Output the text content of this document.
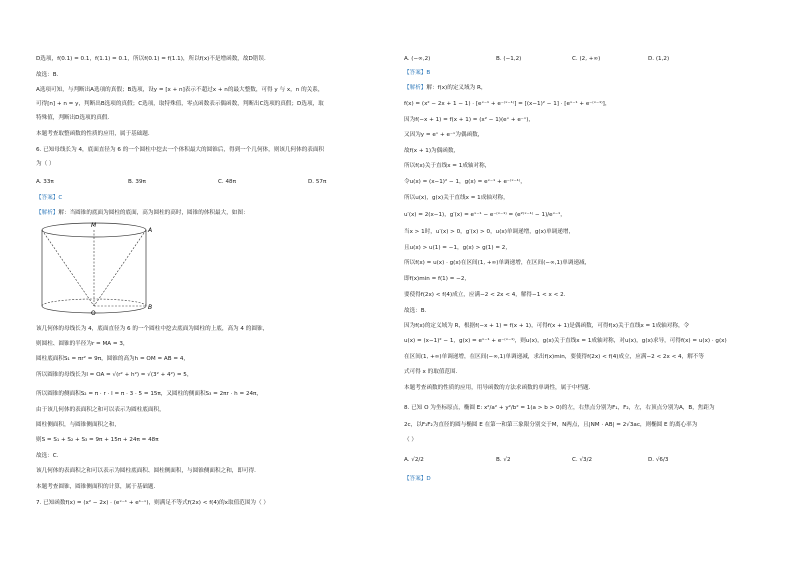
D选项，f(0.1) = 0.1，f(1.1) = 0.1，所以f(0.1) = f(1.1)，所以f(x)不是增函数，故D错误．
故选：B.
A选项可知，与判断出A选项的真假；B选项，设y = [x + n]表示不超过x + n的最大整数，可得 y 与 x，n 的关系，
可得[n] + n = y，判断出B选项的真假；C选项，取特殊值，零点函数表示偶函数，判断出C选项的真假；D选项，取
特殊值，判断出D选项的真假．
本题考查取整函数的性质的应用，属于基础题．
6. 已知母线长为 4，底面直径为 6 的一个圆柱中挖去一个体积最大的圆锥后，得到一个几何体，则该几何体的表面积
为（ ）
A. 33π	B. 39π	C. 48π	D. 57π
【答案】C
【解析】解：当圆锥的底面为圆柱的底面，高为圆柱的高时，圆锥的体积最大，如图：
M
A
O
B
该几何体的母线长为 4，底面直径为 6 的一个圆柱中挖去底面为圆柱的上底，高为 4 的圆锥，
则圆柱、圆锥的半径为r = MA = 3，
圆柱底面积S₁ = πr² = 9π，圆锥的高为h = OM = AB = 4，
所以圆锥的母线长为l = OA = √(r² + h²) = √(3² + 4²) = 5，
所以圆锥的侧面积S₂ = π · r · l = π · 3 · 5 = 15π，又圆柱的侧面积S₃ = 2πr · h = 24π，
由于该几何体的表面积之和可以表示为圆柱底面积，
圆柱侧面积，与圆锥侧面积之和，
则S = S₁ + S₂ + S₃ = 9π + 15π + 24π = 48π
故选：C.
该几何体的表面积之和可以表示为圆柱底面积、圆柱侧面积，与圆锥侧面积之和，即可得．
本题考查圆锥，圆锥侧面积的计算，属于基础题．
7. 已知函数f(x) = (x² − 2x) · (eˣ⁻¹ + e¹⁻ˣ)，则满足不等式f(2x) < f(4)的x取值范围为（ ）
A. (−∞,2)	B. (−1,2)	C. (2, +∞)	D. (1,2)
【答案】B
【解析】解：f(x)的定义域为 R，
f(x) = (x² − 2x + 1 − 1) · [eˣ⁻¹ + e⁻⁽ˣ⁻¹⁾] = [(x−1)² − 1] · [eˣ⁻¹ + e⁻⁽ˣ⁻¹⁾]，
因为f(−x + 1) = f(x + 1) = (x² − 1)(eˣ + e⁻ˣ)，
又因为y = eˣ + e⁻ˣ为偶函数，
故f(x + 1)为偶函数，
所以f(x)关于直线x = 1成轴对称，
令u(x) = (x−1)² − 1，g(x) = eˣ⁻¹ + e⁻⁽ˣ⁻¹⁾，
所以u(x)，g(x)关于直线x = 1成轴对称，
u′(x) = 2(x−1)，g′(x) = eˣ⁻¹ − e⁻⁽ˣ⁻¹⁾ = (e²⁽ˣ⁻¹⁾ − 1)/eˣ⁻¹，
当x > 1时，u′(x) > 0，g′(x) > 0，u(x)单调递增，g(x)单调递增，
且u(x) > u(1) = −1，g(x) > g(1) = 2，
所以f(x) = u(x) · g(x)在区间(1, +∞)单调递增，在区间(−∞,1)单调递减，
即f(x)min = f(1) = −2，
要使得f(2x) < f(4)成立，应满−2 < 2x < 4，解得−1 < x < 2.
故选：B.
因为f(x)的定义域为 R，根据f(−x + 1) = f(x + 1)，可得f(x + 1)是偶函数，可得f(x)关于直线x = 1成轴对称，令
u(x) = (x−1)² − 1，g(x) = eˣ⁻¹ + e⁻⁽ˣ⁻¹⁾，则u(x)，g(x)关于直线x = 1成轴对称，对u(x)，g(x)求导，可得f(x) = u(x) · g(x)
在区间(1, +∞)单调递增，在区间(−∞,1)单调递减，求出f(x)min，要使得f(2x) < f(4)成立，应满−2 < 2x < 4，解不等
式可得 x 的取值范围．
本题考查函数的性质的应用，用导函数的方法求函数的单调性，属于中档题．
8. 已知 O 为坐标原点，椭圆 E: x²/a² + y²/b² = 1(a > b > 0)的左，右焦点分别为F₁，F₂，左，右顶点分别为A，B，焦距为
2c，以F₁F₂为直径的圆与椭圆 E 在第一和第三象限分别交于M，N两点，且|NM · AB| = 2√3ac，则椭圆 E 的离心率为
（ ）
A. √2/2	B. √2	C. √3/2	D. √6/3
【答案】D
